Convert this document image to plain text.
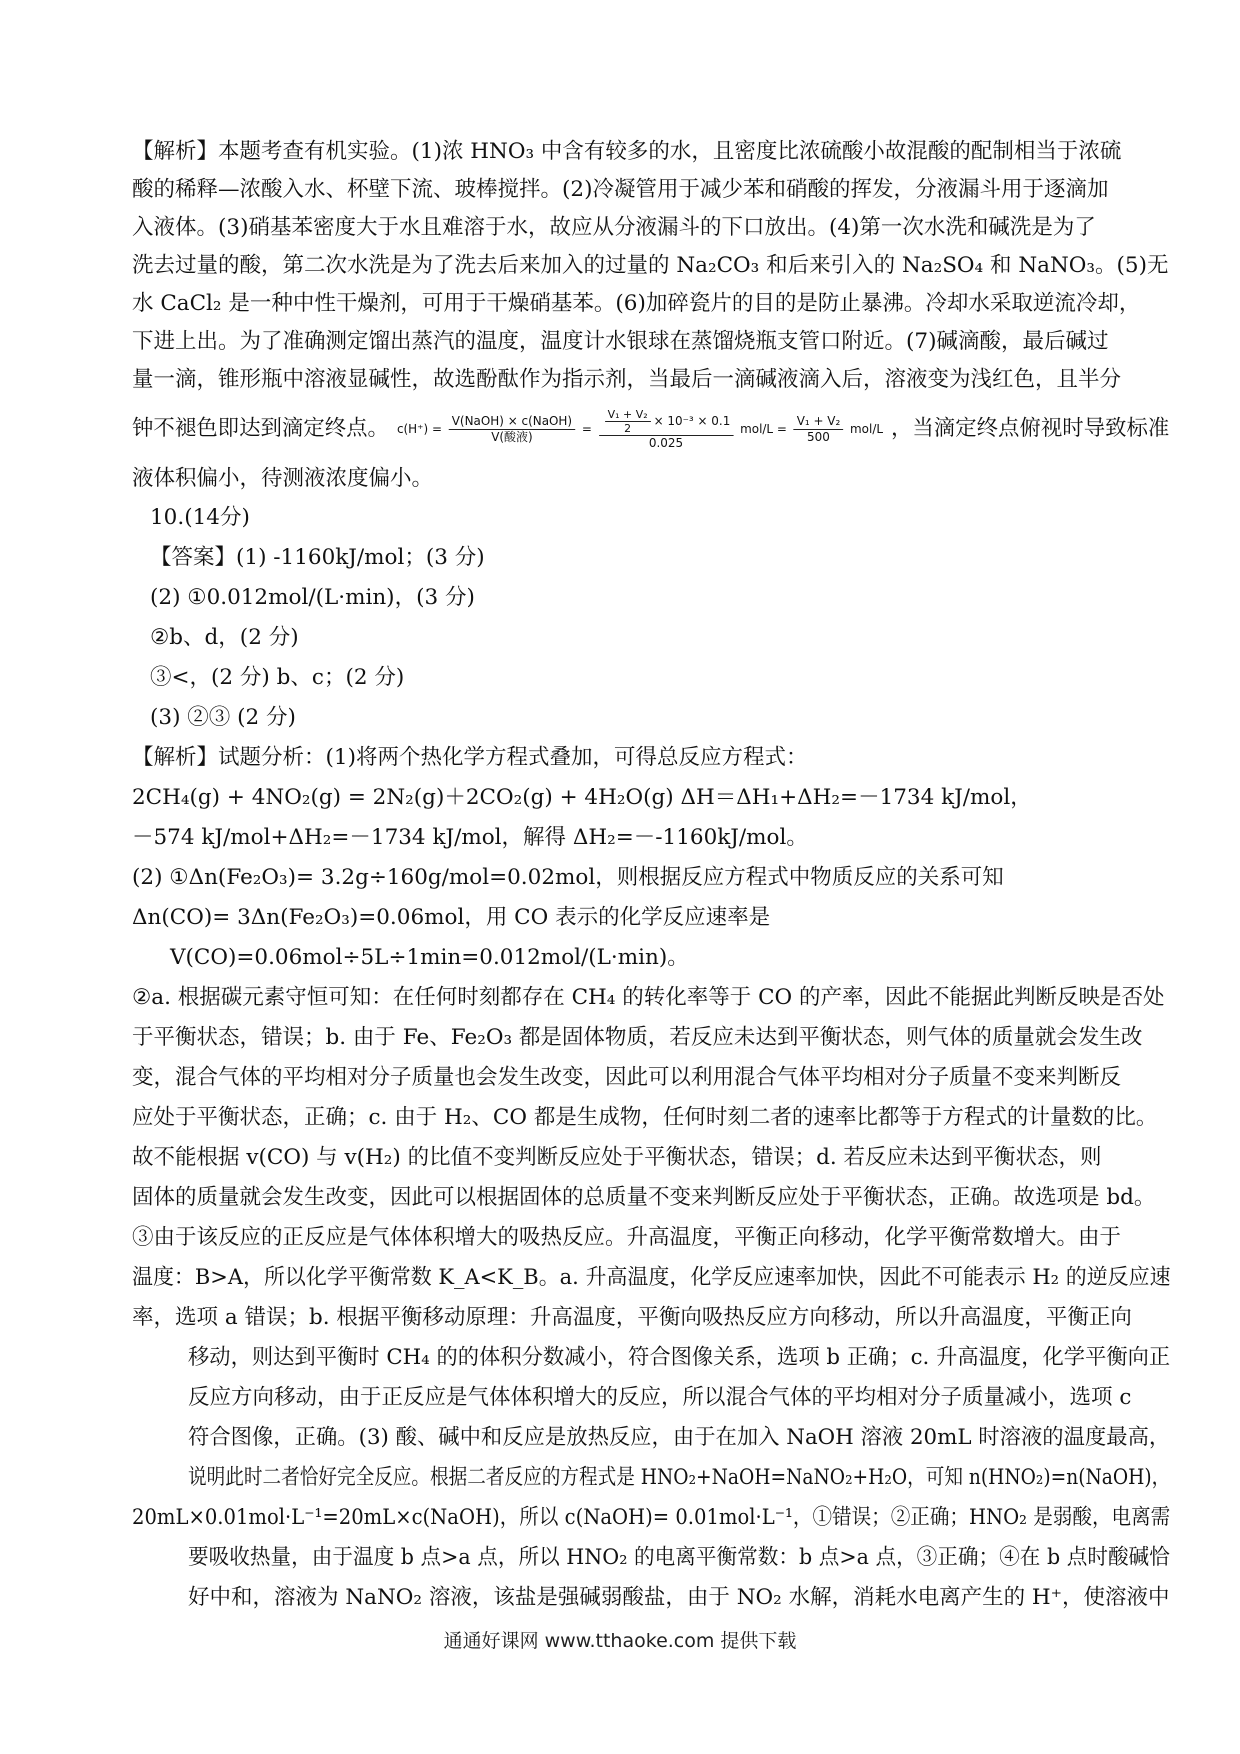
【解析】本题考查有机实验。(1)浓 HNO₃ 中含有较多的水，且密度比浓硫酸小故混酸的配制相当于浓硫
酸的稀释—浓酸入水、杯壁下流、玻棒搅拌。(2)冷凝管用于减少苯和硝酸的挥发，分液漏斗用于逐滴加
入液体。(3)硝基苯密度大于水且难溶于水，故应从分液漏斗的下口放出。(4)第一次水洗和碱洗是为了
洗去过量的酸，第二次水洗是为了洗去后来加入的过量的 Na₂CO₃ 和后来引入的 Na₂SO₄ 和 NaNO₃。(5)无
水 CaCl₂ 是一种中性干燥剂，可用于干燥硝基苯。(6)加碎瓷片的目的是防止暴沸。冷却水采取逆流冷却，
下进上出。为了准确测定馏出蒸汽的温度，温度计水银球在蒸馏烧瓶支管口附近。(7)碱滴酸，最后碱过
量一滴，锥形瓶中溶液显碱性，故选酚酞作为指示剂，当最后一滴碱液滴入后，溶液变为浅红色，且半分
钟不褪色即达到滴定终点。 $c(H^+) = \frac{\text{V(NaOH) × c(NaOH)}}{\text{V(酸液)}} = \frac{\frac{\text{V₁ + V₂}}{2} \times 10^{-3} \times 0.1}{0.025} mol/L = \frac{\text{V₁ + V₂}}{500} mol/L$ ，当滴定终点俯视时导致标准
液体积偏小，待测液浓度偏小。
10.(14分)
【答案】(1) -1160kJ/mol；(3 分)
(2) ①0.012mol/(L·min)，(3 分)
②b、d，(2 分)
③<，(2 分) b、c；(2 分)
(3) ②③ (2 分)
【解析】试题分析：(1)将两个热化学方程式叠加，可得总反应方程式：
2CH₄(g) + 4NO₂(g) = 2N₂(g)＋2CO₂(g) + 4H₂O(g) ΔH＝ΔH₁+ΔH₂=－1734 kJ/mol，
－574 kJ/mol+ΔH₂=－1734 kJ/mol，解得 ΔH₂=－-1160kJ/mol。
(2) ①Δn(Fe₂O₃)= 3.2g÷160g/mol=0.02mol，则根据反应方程式中物质反应的关系可知
Δn(CO)= 3Δn(Fe₂O₃)=0.06mol，用 CO 表示的化学反应速率是
V(CO)=0.06mol÷5L÷1min=0.012mol/(L·min)。
②a. 根据碳元素守恒可知：在任何时刻都存在 CH₄ 的转化率等于 CO 的产率，因此不能据此判断反映是否处
于平衡状态，错误；b. 由于 Fe、Fe₂O₃ 都是固体物质，若反应未达到平衡状态，则气体的质量就会发生改
变，混合气体的平均相对分子质量也会发生改变，因此可以利用混合气体平均相对分子质量不变来判断反
应处于平衡状态，正确；c. 由于 H₂、CO 都是生成物，任何时刻二者的速率比都等于方程式的计量数的比。
故不能根据 v(CO) 与 v(H₂) 的比值不变判断反应处于平衡状态，错误；d. 若反应未达到平衡状态，则
固体的质量就会发生改变，因此可以根据固体的总质量不变来判断反应处于平衡状态，正确。故选项是 bd。
③由于该反应的正反应是气体体积增大的吸热反应。升高温度，平衡正向移动，化学平衡常数增大。由于
温度：B>A，所以化学平衡常数 K_A<K_B。a. 升高温度，化学反应速率加快，因此不可能表示 H₂ 的逆反应速
率，选项 a 错误；b. 根据平衡移动原理：升高温度，平衡向吸热反应方向移动，所以升高温度，平衡正向
移动，则达到平衡时 CH₄ 的的体积分数减小，符合图像关系，选项 b 正确；c. 升高温度，化学平衡向正
反应方向移动，由于正反应是气体体积增大的反应，所以混合气体的平均相对分子质量减小，选项 c
符合图像，正确。(3) 酸、碱中和反应是放热反应，由于在加入 NaOH 溶液 20mL 时溶液的温度最高，
说明此时二者恰好完全反应。根据二者反应的方程式是 HNO₂+NaOH=NaNO₂+H₂O，可知 n(HNO₂)=n(NaOH)，
20mL×0.01mol·L⁻¹=20mL×c(NaOH)，所以 c(NaOH)= 0.01mol·L⁻¹，①错误；②正确；HNO₂ 是弱酸，电离需
要吸收热量，由于温度 b 点>a 点，所以 HNO₂ 的电离平衡常数：b 点>a 点，③正确；④在 b 点时酸碱恰
好中和，溶液为 NaNO₂ 溶液，该盐是强碱弱酸盐，由于 NO₂ 水解，消耗水电离产生的 H⁺，使溶液中
通通好课网 www.tthaoke.com 提供下载
